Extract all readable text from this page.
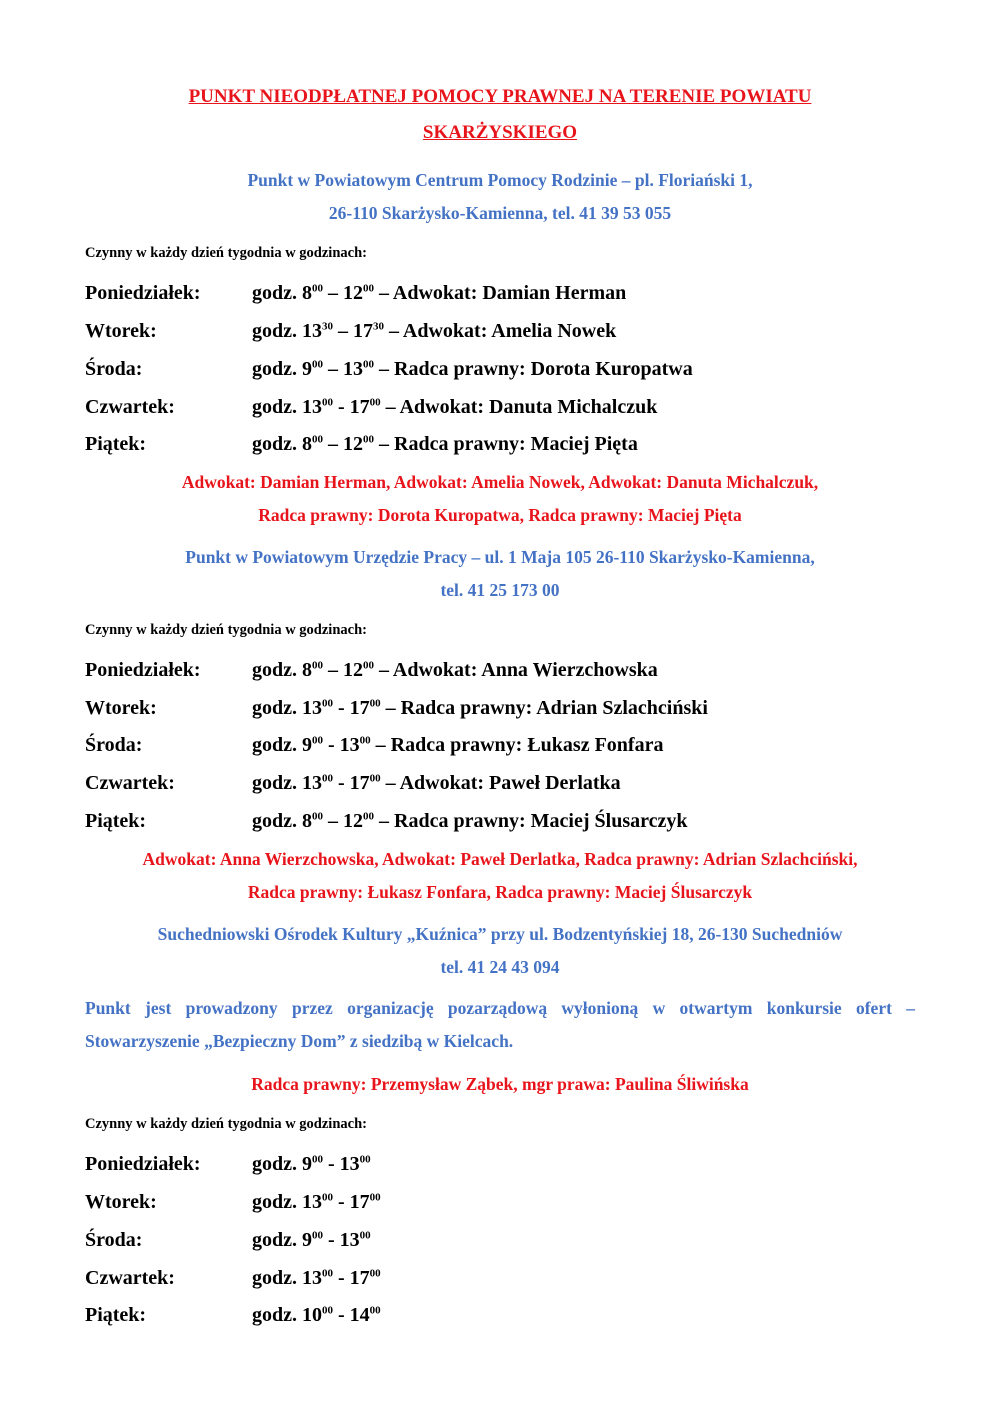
PUNKT NIEODPŁATNEJ POMOCY PRAWNEJ NA TERENIE POWIATU
SKARŻYSKIEGO
Punkt w Powiatowym Centrum Pomocy Rodzinie – pl. Floriański 1,
26-110 Skarżysko-Kamienna, tel. 41 39 53 055
Czynny w każdy dzień tygodnia w godzinach:
Poniedziałek:	godz. $8^{00} - 12^{00}$ – Adwokat: Damian Herman
Wtorek:	godz. $13^{30} - 17^{30}$ – Adwokat: Amelia Nowek
Środa:	godz. $9^{00} - 13^{00}$ – Radca prawny: Dorota Kuropatwa
Czwartek:	godz. $13^{00} - 17^{00}$ – Adwokat: Danuta Michalczuk
Piątek:	godz. $8^{00} - 12^{00}$ – Radca prawny: Maciej Pięta
Adwokat: Damian Herman, Adwokat: Amelia Nowek, Adwokat: Danuta Michalczuk,
Radca prawny: Dorota Kuropatwa, Radca prawny: Maciej Pięta
Punkt w Powiatowym Urzędzie Pracy – ul. 1 Maja 105 26-110 Skarżysko-Kamienna,
tel. 41 25 173 00
Czynny w każdy dzień tygodnia w godzinach:
Poniedziałek:	godz. $8^{00} - 12^{00}$ – Adwokat: Anna Wierzchowska
Wtorek:	godz. $13^{00} - 17^{00}$ – Radca prawny: Adrian Szlachciński
Środa:	godz. $9^{00} - 13^{00}$ – Radca prawny: Łukasz Fonfara
Czwartek:	godz. $13^{00} - 17^{00}$ – Adwokat: Paweł Derlatka
Piątek:	godz. $8^{00} - 12^{00}$ – Radca prawny: Maciej Ślusarczyk
Adwokat: Anna Wierzchowska, Adwokat: Paweł Derlatka, Radca prawny: Adrian Szlachciński,
Radca prawny: Łukasz Fonfara, Radca prawny: Maciej Ślusarczyk
Suchedniowski Ośrodek Kultury „Kuźnica” przy ul. Bodzentyńskiej 18, 26-130 Suchedniów
tel. 41 24 43 094
Punkt jest prowadzony przez organizację pozarządową wyłonioną w otwartym konkursie ofert – Stowarzyszenie „Bezpieczny Dom” z siedzibą w Kielcach.
Radca prawny: Przemysław Ząbek, mgr prawa: Paulina Śliwińska
Czynny w każdy dzień tygodnia w godzinach:
Poniedziałek:	godz. $9^{00} - 13^{00}$
Wtorek:	godz. $13^{00} - 17^{00}$
Środa:	godz. $9^{00} - 13^{00}$
Czwartek:	godz. $13^{00} - 17^{00}$
Piątek:	godz. $10^{00} - 14^{00}$
